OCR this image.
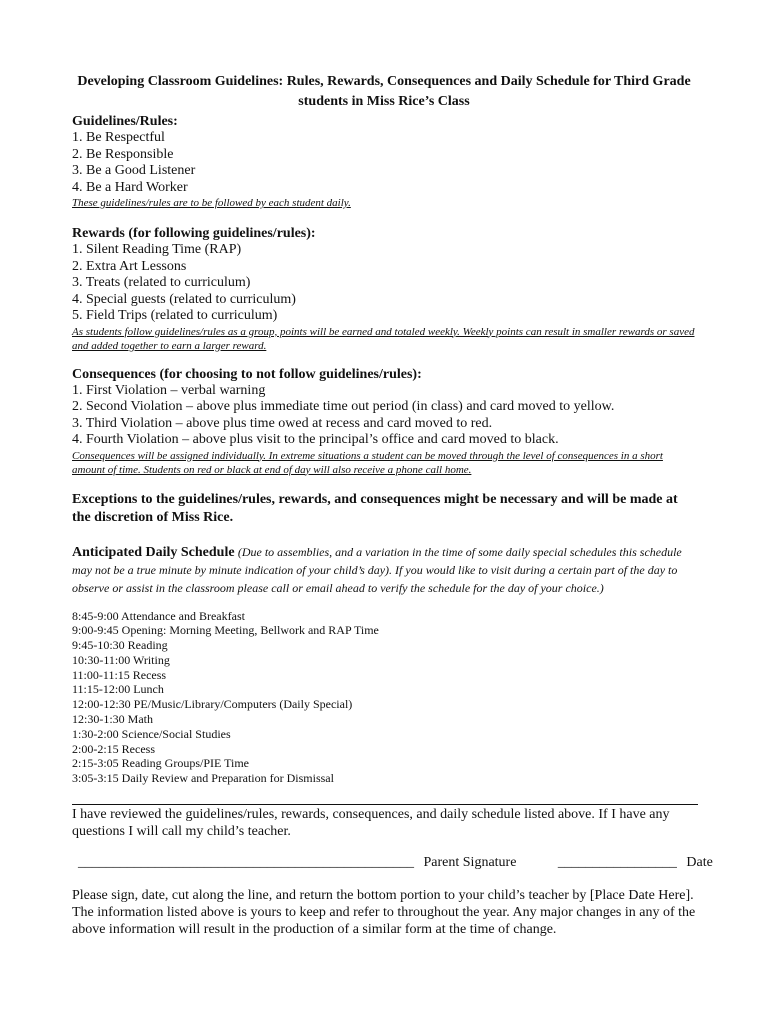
Developing Classroom Guidelines: Rules, Rewards, Consequences and Daily Schedule for Third Grade students in Miss Rice’s Class

Guidelines/Rules:

1. Be Respectful
2. Be Responsible
3. Be a Good Listener
4. Be a Hard Worker

These guidelines/rules are to be followed by each student daily.

Rewards (for following guidelines/rules):

1. Silent Reading Time (RAP)
2. Extra Art Lessons
3. Treats (related to curriculum)
4. Special guests (related to curriculum)
5. Field Trips (related to curriculum)

As students follow guidelines/rules as a group, points will be earned and totaled weekly. Weekly points can result in smaller rewards or saved and added together to earn a larger reward.

Consequences (for choosing to not follow guidelines/rules):

1. First Violation – verbal warning
2. Second Violation – above plus immediate time out period (in class) and card moved to yellow.
3. Third Violation – above plus time owed at recess and card moved to red.
4. Fourth Violation – above plus visit to the principal’s office and card moved to black.

Consequences will be assigned individually. In extreme situations a student can be moved through the level of consequences in a short amount of time. Students on red or black at end of day will also receive a phone call home.

Exceptions to the guidelines/rules, rewards, and consequences might be necessary and will be made at the discretion of Miss Rice.

Anticipated Daily Schedule (Due to assemblies, and a variation in the time of some daily special schedules this schedule may not be a true minute by minute indication of your child’s day). If you would like to visit during a certain part of the day to observe or assist in the classroom please call or email ahead to verify the schedule for the day of your choice.)

8:45-9:00 Attendance and Breakfast
9:00-9:45 Opening: Morning Meeting, Bellwork and RAP Time
9:45-10:30 Reading
10:30-11:00 Writing
11:00-11:15 Recess
11:15-12:00 Lunch
12:00-12:30 PE/Music/Library/Computers (Daily Special)
12:30-1:30 Math
1:30-2:00 Science/Social Studies
2:00-2:15 Recess
2:15-3:05 Reading Groups/PIE Time
3:05-3:15 Daily Review and Preparation for Dismissal

I have reviewed the guidelines/rules, rewards, consequences, and daily schedule listed above. If I have any questions I will call my child’s teacher.

________________________________________________ Parent Signature	_________________ Date

Please sign, date, cut along the line, and return the bottom portion to your child’s teacher by [Place Date Here]. The information listed above is yours to keep and refer to throughout the year. Any major changes in any of the above information will result in the production of a similar form at the time of change.
